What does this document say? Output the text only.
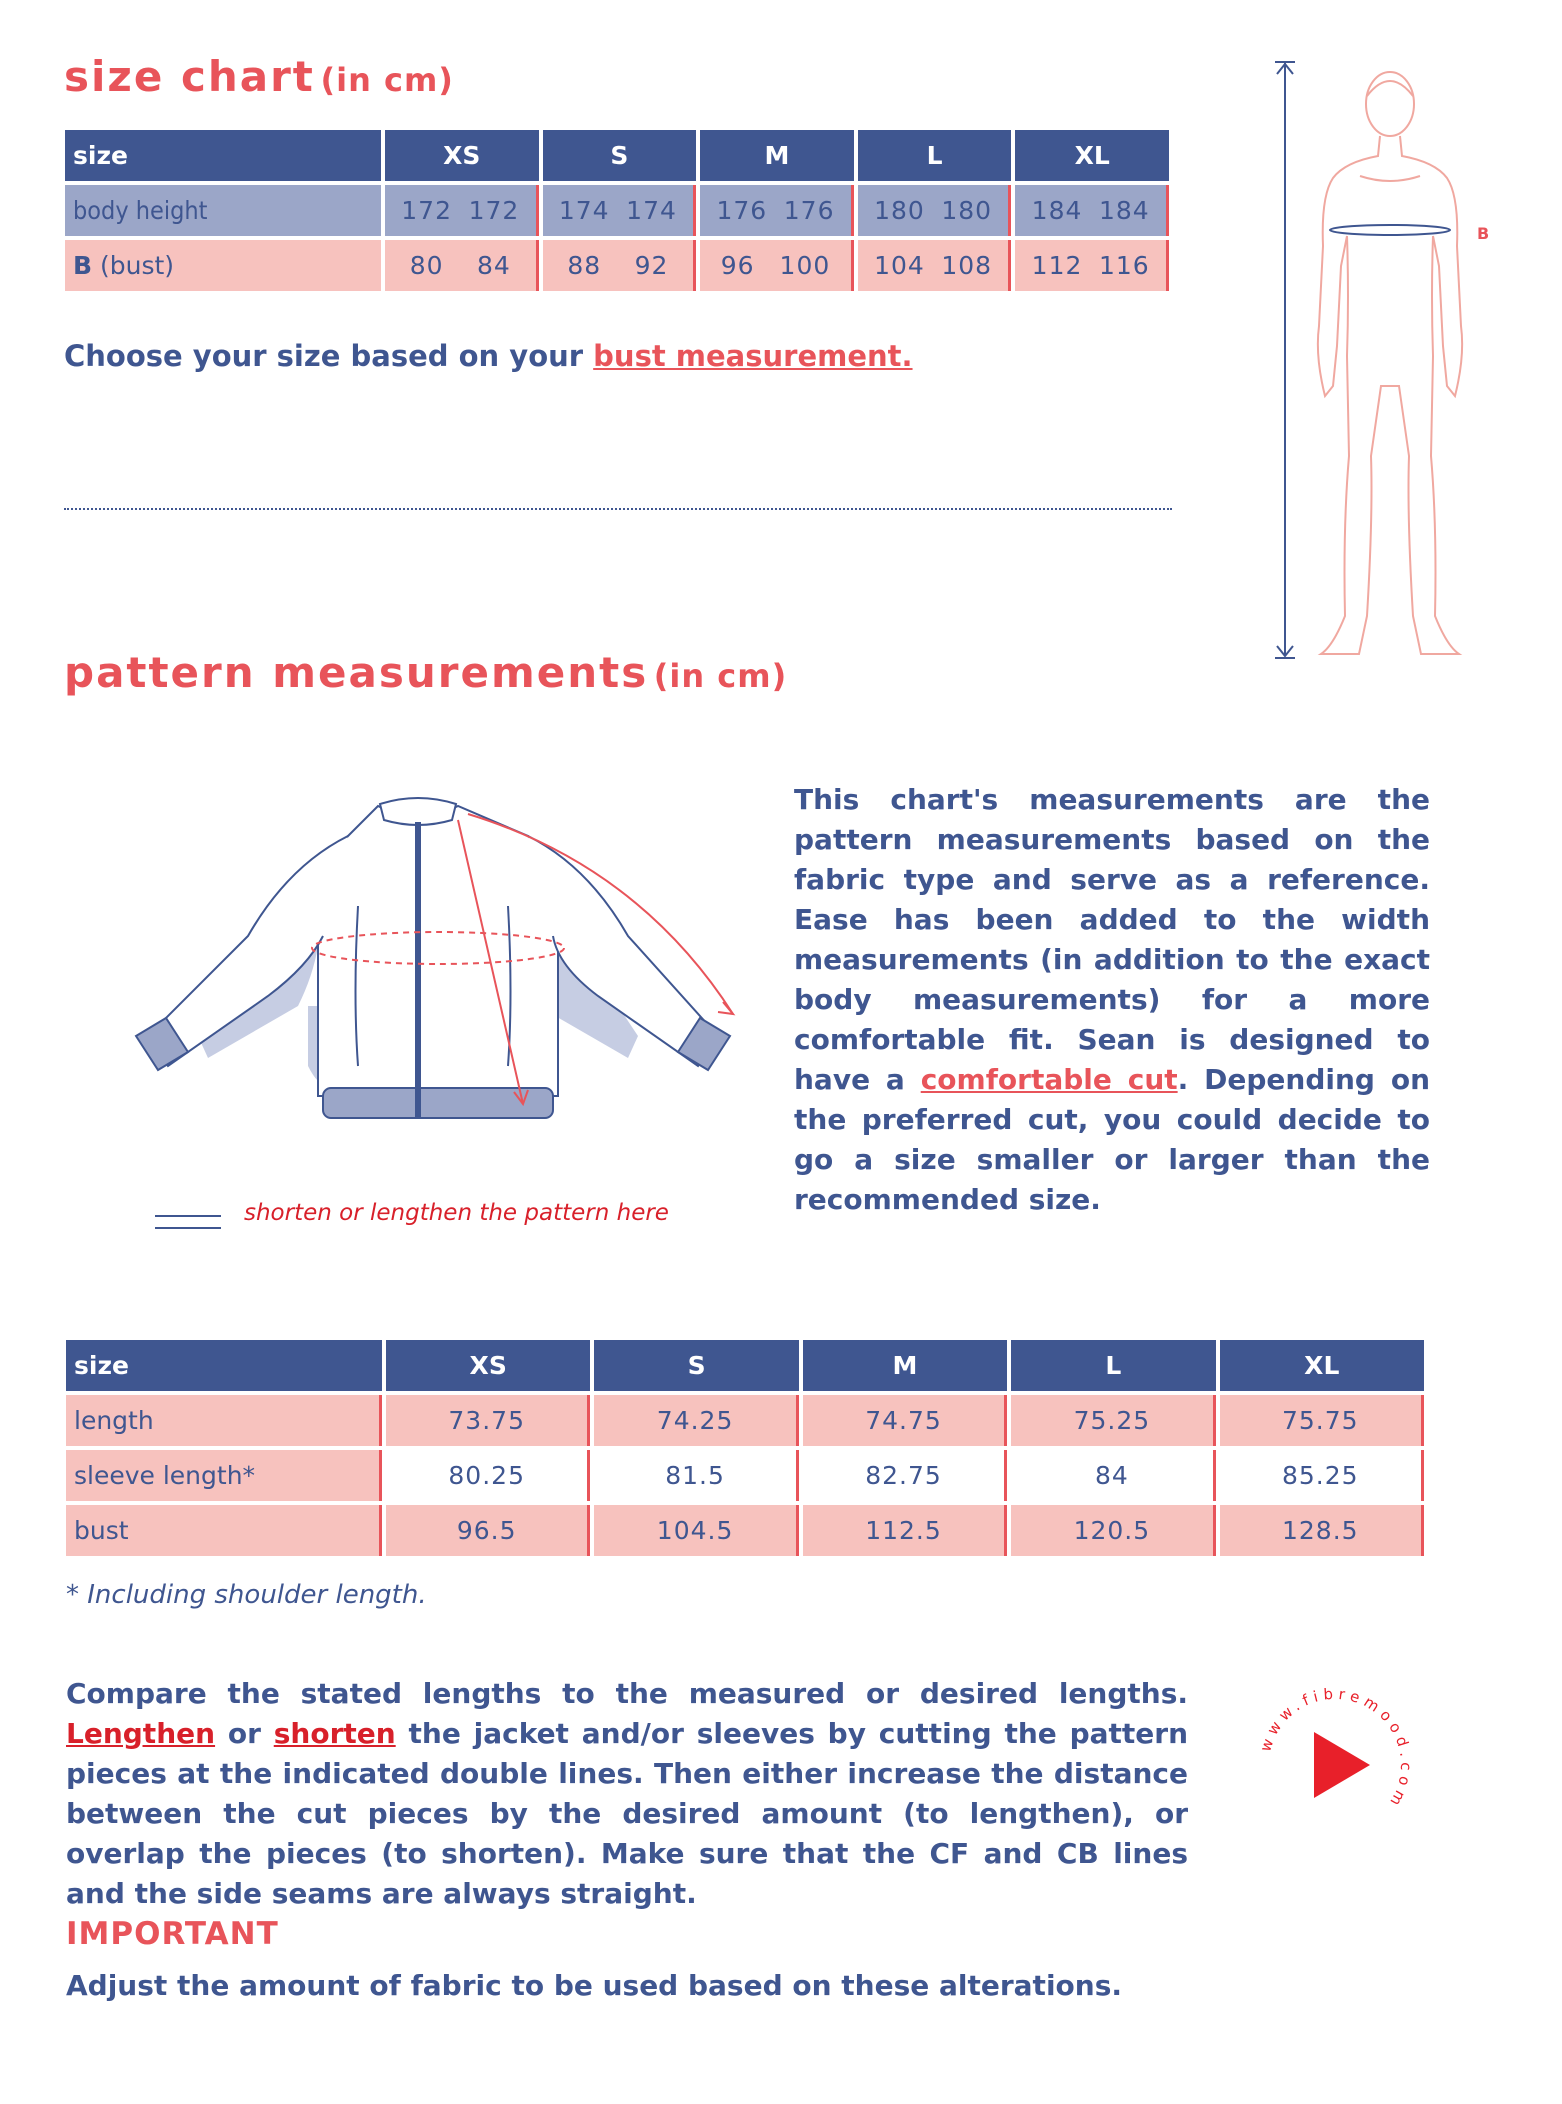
size chart (in cm)
size	XS	S	M	L	XL
body height	172 172	174 174	176 176	180 180	184 184

B (bust)	80 84	88 92	96 100	104 108	112 116
Choose your size based on your bust measurement.
B
pattern measurements (in cm)
shorten or lengthen the pattern here
This chart's measurements are the pattern measurements based on the fabric type and serve as a reference. Ease has been added to the width measurements (in addition to the exact body measurements) for a more comfortable fit. Sean is designed to have a comfortable cut. Depending on the preferred cut, you could decide to go a size smaller or larger than the recommended size.
size	XS	S	M	L	XL
length	73.75	74.25	74.75	75.25	75.75
sleeve length*	80.25	81.5	82.75	84	85.25
bust	96.5	104.5	112.5	120.5	128.5
* Including shoulder length.
Compare the stated lengths to the measured or desired lengths. Lengthen or shorten the jacket and/or sleeves by cutting the pattern pieces at the indicated double lines. Then either increase the distance between the cut pieces by the desired amount (to lengthen), or overlap the pieces (to shorten). Make sure that the CF and CB lines and the side seams are always straight.
www.fibremood.com
IMPORTANT
Adjust the amount of fabric to be used based on these alterations.
